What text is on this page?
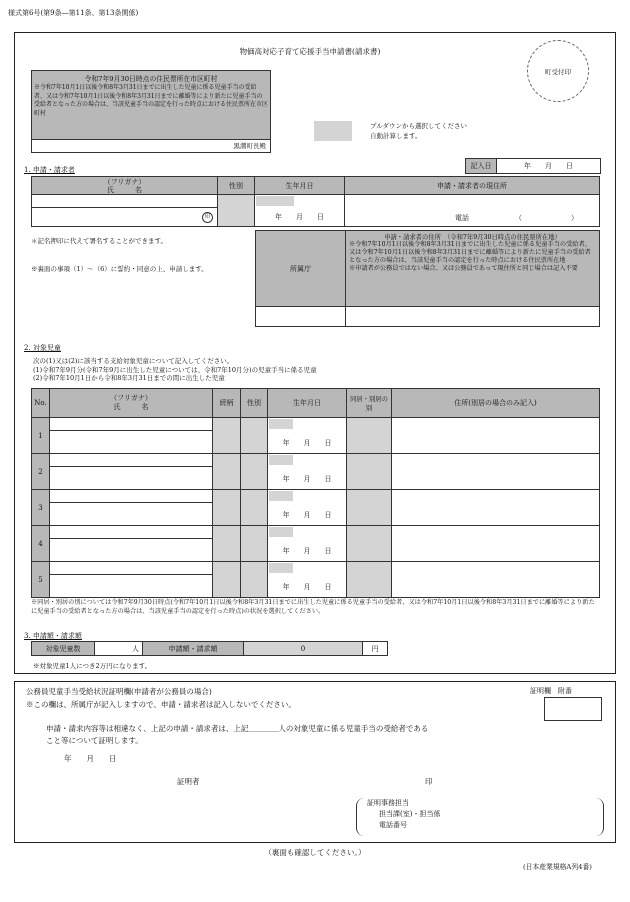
様式第6号(第9条―第11条、第13条関係)
物価高対応子育て応援手当申請書(請求書)
町受付印
令和7年9月30日時点の住民票所在市区町村
※令和7年10月1日以後令和8年3月31日までに出生した児童に係る児童手当の受給者、又は令和7年10月1日以後令和8年3月31日までに離婚等により新たに児童手当の受給者となった方の場合は、当該児童手当の認定を行った時点における住民票所在市区町村
黒潮町長殿
プルダウンから選択してください
自動計算します。
1. 申請・請求者	記入日	年　　月　　日
（フリガナ）
氏　　　名	性別	生年月日	申請・請求者の現住所

		年　　月　　日	電話 （　　　　　　　）

印			
＊記名押印に代えて署名することができます。
※裏面の事項（1）～（6）に誓約・同意の上、申請します。	所属庁	申請・請求者の住所　（令和7年9月30日時点の住民票所在地）
※令和7年10月1日以後令和8年3月31日までに出生した児童に係る児童手当の受給者、又は令和7年10月1日以後令和8年3月31日までに離婚等により新たに児童手当の受給者となった方の場合は、当該児童手当の認定を行った時点における住民票所在地
※申請者が公務員ではない場合、又は公務員であって現住所と同じ場合は記入不要

2. 対象児童
次の(1)又は(2)に該当する支給対象児童について記入してください。
(1)令和7年9月分(令和7年9月に出生した児童については、令和7年10月分)の児童手当に係る児童
(2)令和7年10月1日から令和8年3月31日までの間に出生した児童
No.	（フリガナ）
氏　　　名	続柄	性別	生年月日	同居・別居の別	住所(別居の場合のみ記入)
1				年　　月　　日		

2				年　　月　　日		

3				年　　月　　日		

4				年　　月　　日		

5				年　　月　　日		

※同居・別居の別については令和7年9月30日時点(令和7年10月1日以後令和8年3月31日までに出生した児童に係る児童手当の受給者、又は令和7年10月1日以後令和8年3月31日までに離婚等により新たに児童手当の受給者となった方の場合は、当該児童手当の認定を行った時点)の状況を選択してください。
3. 申請額・請求額
対象児童数	人	申請額・請求額	0	円
※対象児童1人につき2万円になります。
公務員児童手当受給状況証明欄(申請者が公務員の場合)	証明欄　附番
※この欄は、所属庁が記入しますので、申請・請求者は記入しないでください。
申請・請求内容等は相違なく、上記の申請・請求者は、上記＿＿＿＿人の対象児童に係る児童手当の受給者である
こと等について証明します。
年　　月　　日
証明者	印
証明事務担当
担当課(室)・担当係
電話番号
（裏面も確認してください。）
(日本産業規格A列4番)
